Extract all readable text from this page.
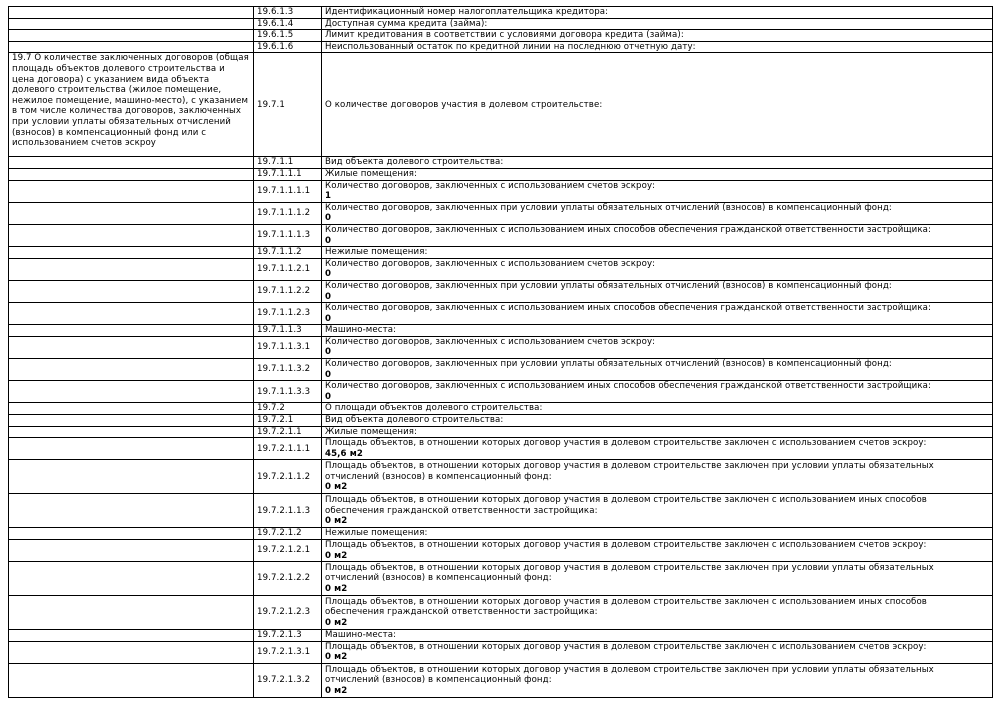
	19.6.1.3	Идентификационный номер налогоплательщика кредитора:

	19.6.1.4	Доступная сумма кредита (займа):

	19.6.1.5	Лимит кредитования в соответствии с условиями договора кредита (займа):

	19.6.1.6	Неиспользованный остаток по кредитной линии на последнюю отчетную дату:

19.7 О количестве заключенных договоров (общая площадь объектов долевого строительства и цена договора) с указанием вида объекта долевого строительства (жилое помещение, нежилое помещение, машино-место), с указанием в том числе количества договоров, заключенных при условии уплаты обязательных отчислений (взносов) в компенсационный фонд или с использованием счетов эскроу	19.7.1	О количестве договоров участия в долевом строительстве:

	19.7.1.1	Вид объекта долевого строительства:

	19.7.1.1.1	Жилые помещения:

	19.7.1.1.1.1	Количество договоров, заключенных с использованием счетов эскроу:
1

	19.7.1.1.1.2	Количество договоров, заключенных при условии уплаты обязательных отчислений (взносов) в компенсационный фонд:
0

	19.7.1.1.1.3	Количество договоров, заключенных с использованием иных способов обеспечения гражданской ответственности застройщика:
0

	19.7.1.1.2	Нежилые помещения:

	19.7.1.1.2.1	Количество договоров, заключенных с использованием счетов эскроу:
0

	19.7.1.1.2.2	Количество договоров, заключенных при условии уплаты обязательных отчислений (взносов) в компенсационный фонд:
0

	19.7.1.1.2.3	Количество договоров, заключенных с использованием иных способов обеспечения гражданской ответственности застройщика:
0

	19.7.1.1.3	Машино-места:

	19.7.1.1.3.1	Количество договоров, заключенных с использованием счетов эскроу:
0

	19.7.1.1.3.2	Количество договоров, заключенных при условии уплаты обязательных отчислений (взносов) в компенсационный фонд:
0

	19.7.1.1.3.3	Количество договоров, заключенных с использованием иных способов обеспечения гражданской ответственности застройщика:
0

	19.7.2	О площади объектов долевого строительства:

	19.7.2.1	Вид объекта долевого строительства:

	19.7.2.1.1	Жилые помещения:

	19.7.2.1.1.1	Площадь объектов, в отношении которых договор участия в долевом строительстве заключен с использованием счетов эскроу:
45,6 м2

	19.7.2.1.1.2	Площадь объектов, в отношении которых договор участия в долевом строительстве заключен при условии уплаты обязательных отчислений (взносов) в компенсационный фонд:
0 м2

	19.7.2.1.1.3	Площадь объектов, в отношении которых договор участия в долевом строительстве заключен с использованием иных способов обеспечения гражданской ответственности застройщика:
0 м2

	19.7.2.1.2	Нежилые помещения:

	19.7.2.1.2.1	Площадь объектов, в отношении которых договор участия в долевом строительстве заключен с использованием счетов эскроу:
0 м2

	19.7.2.1.2.2	Площадь объектов, в отношении которых договор участия в долевом строительстве заключен при условии уплаты обязательных отчислений (взносов) в компенсационный фонд:
0 м2

	19.7.2.1.2.3	Площадь объектов, в отношении которых договор участия в долевом строительстве заключен с использованием иных способов обеспечения гражданской ответственности застройщика:
0 м2

	19.7.2.1.3	Машино-места:

	19.7.2.1.3.1	Площадь объектов, в отношении которых договор участия в долевом строительстве заключен с использованием счетов эскроу:
0 м2

	19.7.2.1.3.2	Площадь объектов, в отношении которых договор участия в долевом строительстве заключен при условии уплаты обязательных отчислений (взносов) в компенсационный фонд:
0 м2
